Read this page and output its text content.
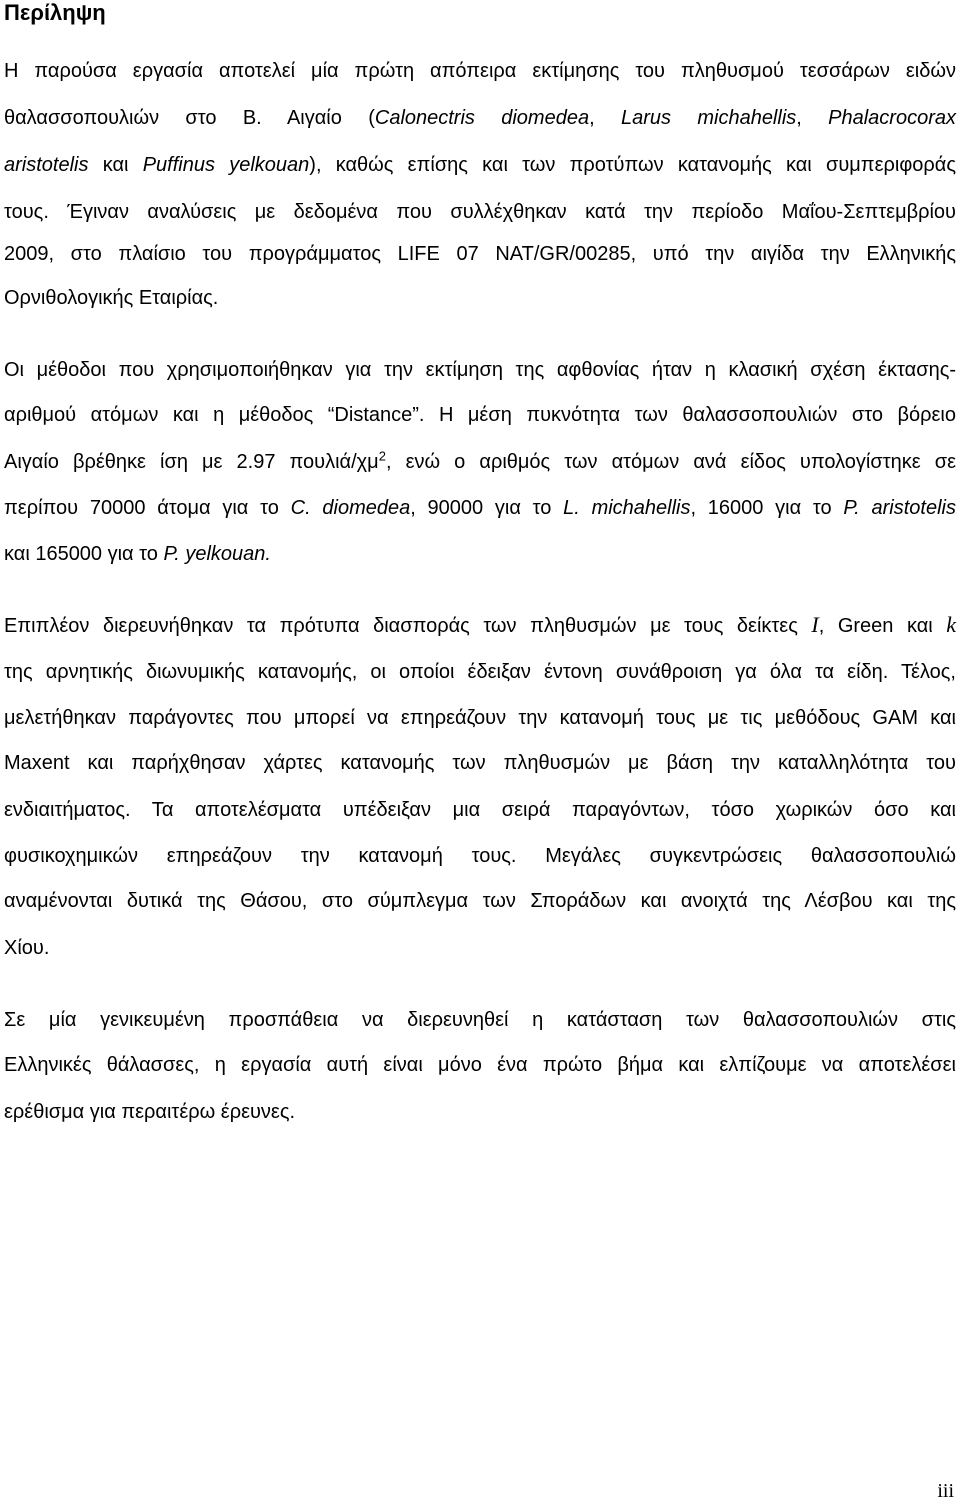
Περίληψη

Η παρούσα εργασία αποτελεί μία πρώτη απόπειρα εκτίμησης του πληθυσμού τεσσάρων ειδών

θαλασσοπουλιών στο Β. Αιγαίο (Calonectris diomedea, Larus michahellis, Phalacrocorax

aristotelis και Puffinus yelkouan), καθώς επίσης και των προτύπων κατανομής και συμπεριφοράς

τους. Έγιναν αναλύσεις με δεδομένα που συλλέχθηκαν κατά την περίοδο Μαΐου-Σεπτεμβρίου

2009, στο πλαίσιο του προγράμματος LIFE 07 NAT/GR/00285, υπό την αιγίδα την Ελληνικής

Ορνιθολογικής Εταιρίας.

Οι μέθοδοι που χρησιμοποιήθηκαν για την εκτίμηση της αφθονίας ήταν η κλασική σχέση έκτασης-

αριθμού ατόμων και η μέθοδος “Distance”. Η μέση πυκνότητα των θαλασσοπουλιών στο βόρειο

Αιγαίο βρέθηκε ίση με 2.97 πουλιά/$\chi\mu^2$, ενώ ο αριθμός των ατόμων ανά είδος υπολογίστηκε σε

περίπου 70000 άτομα για το C. diomedea, 90000 για το L. michahellis, 16000 για το P. aristotelis

και 165000 για το P. yelkouan.

Επιπλέον διερευνήθηκαν τα πρότυπα διασποράς των πληθυσμών με τους δείκτες I, Green και k

της αρνητικής διωνυμικής κατανομής, οι οποίοι έδειξαν έντονη συνάθροιση γα όλα τα είδη. Τέλος,

μελετήθηκαν παράγοντες που μπορεί να επηρεάζουν την κατανομή τους με τις μεθόδους GAM και

Maxent και παρήχθησαν χάρτες κατανομής των πληθυσμών με βάση την καταλληλότητα του

ενδιαιτήματος. Τα αποτελέσματα υπέδειξαν μια σειρά παραγόντων, τόσο χωρικών όσο και

φυσικοχημικών επηρεάζουν την κατανομή τους. Μεγάλες συγκεντρώσεις θαλασσοπουλιώ

αναμένονται δυτικά της Θάσου, στο σύμπλεγμα των Σποράδων και ανοιχτά της Λέσβου και της

Χίου.

Σε μία γενικευμένη προσπάθεια να διερευνηθεί η κατάσταση των θαλασσοπουλιών στις

Ελληνικές θάλασσες, η εργασία αυτή είναι μόνο ένα πρώτο βήμα και ελπίζουμε να αποτελέσει

ερέθισμα για περαιτέρω έρευνες.

iii
